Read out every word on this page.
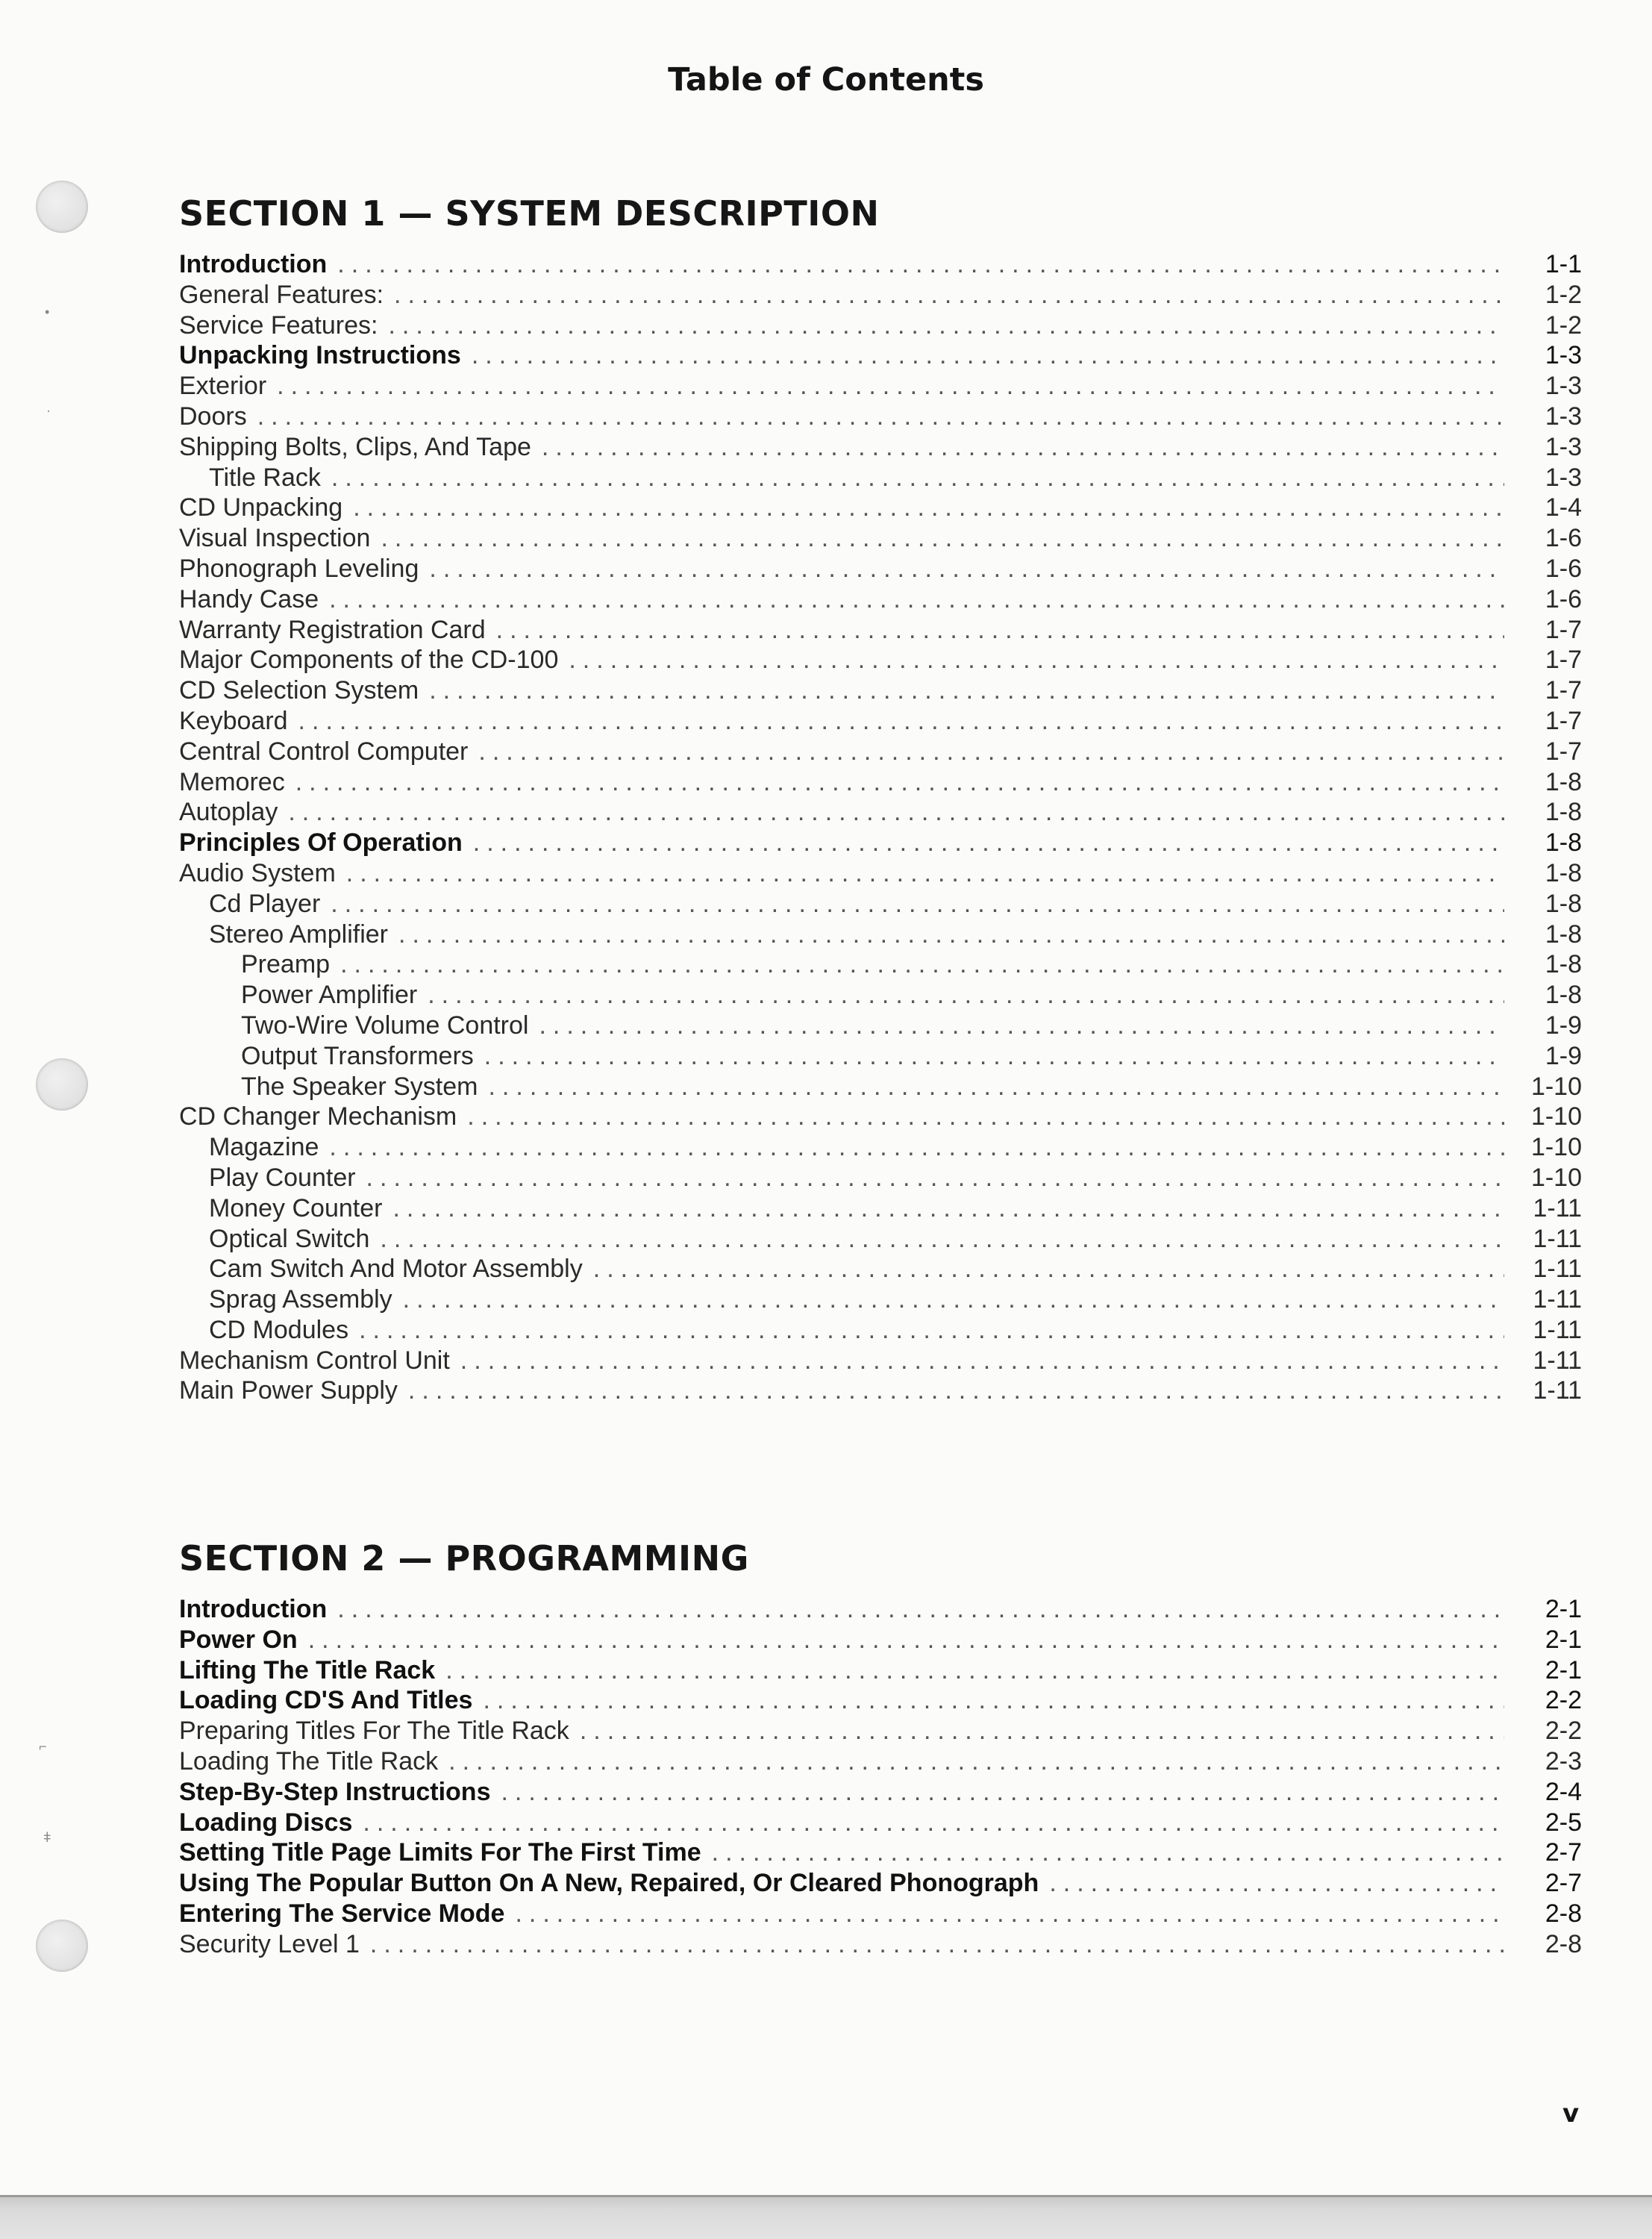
•
·
⌐
ǂ
Table of Contents
SECTION 1 — SYSTEM DESCRIPTION
Introduction .....	1-1
General Features: .....	1-2
Service Features: .....	1-2
Unpacking Instructions .....	1-3
Exterior .....	1-3
Doors .....	1-3
Shipping Bolts, Clips, And Tape .....	1-3
Title Rack .....	1-3
CD Unpacking .....	1-4
Visual Inspection .....	1-6
Phonograph Leveling .....	1-6
Handy Case .....	1-6
Warranty Registration Card .....	1-7
Major Components of the CD-100 .....	1-7
CD Selection System .....	1-7
Keyboard .....	1-7
Central Control Computer .....	1-7
Memorec .....	1-8
Autoplay .....	1-8
Principles Of Operation .....	1-8
Audio System .....	1-8
Cd Player .....	1-8
Stereo Amplifier .....	1-8
Preamp .....	1-8
Power Amplifier .....	1-8
Two-Wire Volume Control .....	1-9
Output Transformers .....	1-9
The Speaker System .....	1-10
CD Changer Mechanism .....	1-10
Magazine .....	1-10
Play Counter .....	1-10
Money Counter .....	1-11
Optical Switch .....	1-11
Cam Switch And Motor Assembly .....	1-11
Sprag Assembly .....	1-11
CD Modules .....	1-11
Mechanism Control Unit .....	1-11
Main Power Supply .....	1-11
SECTION 2 — PROGRAMMING
Introduction .....	2-1
Power On .....	2-1
Lifting The Title Rack .....	2-1
Loading CD'S And Titles .....	2-2
Preparing Titles For The Title Rack .....	2-2
Loading The Title Rack .....	2-3
Step-By-Step Instructions .....	2-4
Loading Discs .....	2-5
Setting Title Page Limits For The First Time .....	2-7
Using The Popular Button On A New, Repaired, Or Cleared Phonograph .....	2-7
Entering The Service Mode .....	2-8
Security Level 1 .....	2-8
v
